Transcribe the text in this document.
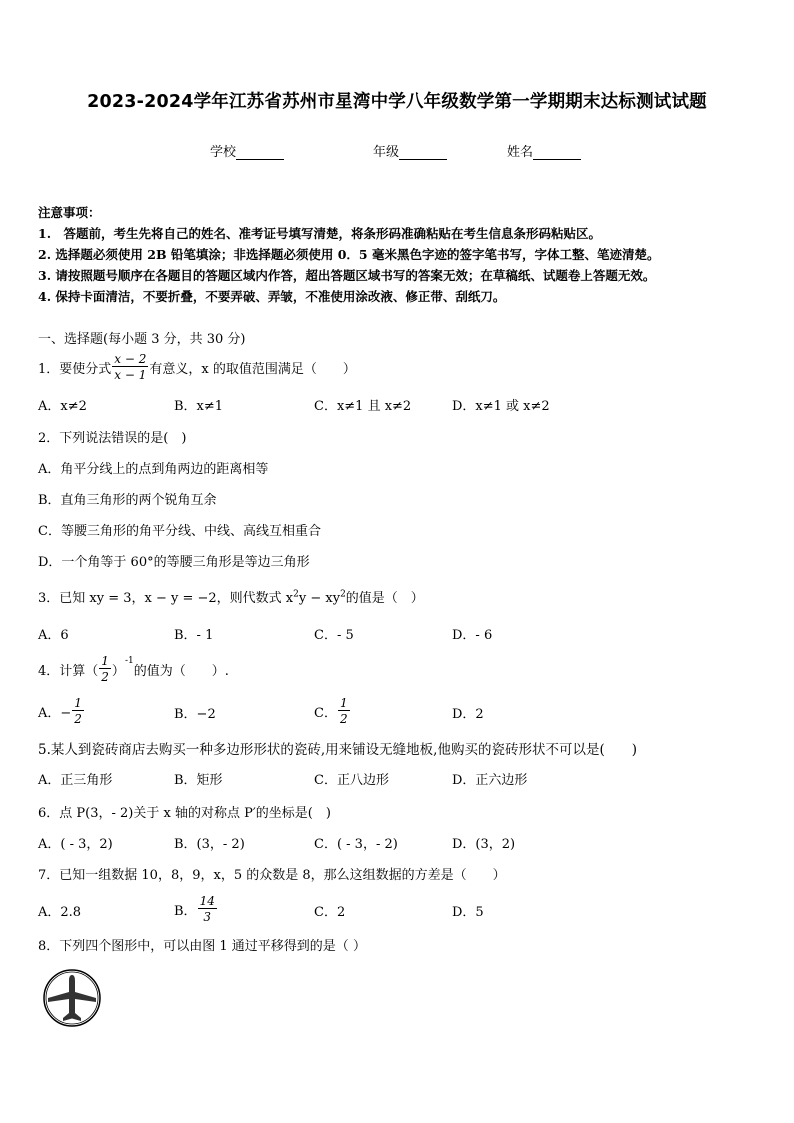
2023-2024学年江苏省苏州市星湾中学八年级数学第一学期期末达标测试试题
学校	年级	姓名
注意事项：
1.　答题前，考生先将自己的姓名、准考证号填写清楚，将条形码准确粘贴在考生信息条形码粘贴区。
2. 选择题必须使用 2B 铅笔填涂；非选择题必须使用 0．5 毫米黑色字迹的签字笔书写，字体工整、笔迹清楚。
3. 请按照题号顺序在各题目的答题区域内作答，超出答题区域书写的答案无效；在草稿纸、试题卷上答题无效。
4. 保持卡面清洁，不要折叠，不要弄破、弄皱，不准使用涂改液、修正带、刮纸刀。
一、选择题(每小题 3 分，共 30 分)
1．要使分式 $\frac{x - 2}{x - 1}$ 有意义，x 的取值范围满足（　　）
A．x≠2	B．x≠1	C．x≠1 且 x≠2	D．x≠1 或 x≠2
2．下列说法错误的是(　)
A．角平分线上的点到角两边的距离相等
B．直角三角形的两个锐角互余
C．等腰三角形的角平分线、中线、高线互相重合
D．一个角等于 60°的等腰三角形是等边三角形
3．已知 xy = 3，x − y = −2，则代数式 $x^2y - xy^2$的值是（　）
A．6	B．- 1	C．- 5	D．- 6
4．计算（ $\frac{1}{2}$ ）
$^{-1}$
的值为（　　）.
A．− $\frac{1}{2}$	B．−2	C． $\frac{1}{2}$	D．2
5.某人到瓷砖商店去购买一种多边形形状的瓷砖,用来铺设无缝地板,他购买的瓷砖形状不可以是(　　)
A．正三角形	B．矩形	C．正八边形	D．正六边形
6．点 P(3，- 2)关于 x 轴的对称点 P′的坐标是(　)
A．( - 3，2)	B．(3，- 2)	C．( - 3，- 2)	D．(3，2)
7．已知一组数据 10，8，9，x，5 的众数是 8，那么这组数据的方差是（　　）
A．2.8	B． $\frac{14}{3}$	C．2	D．5
8．下列四个图形中，可以由图 1 通过平移得到的是（ ）
